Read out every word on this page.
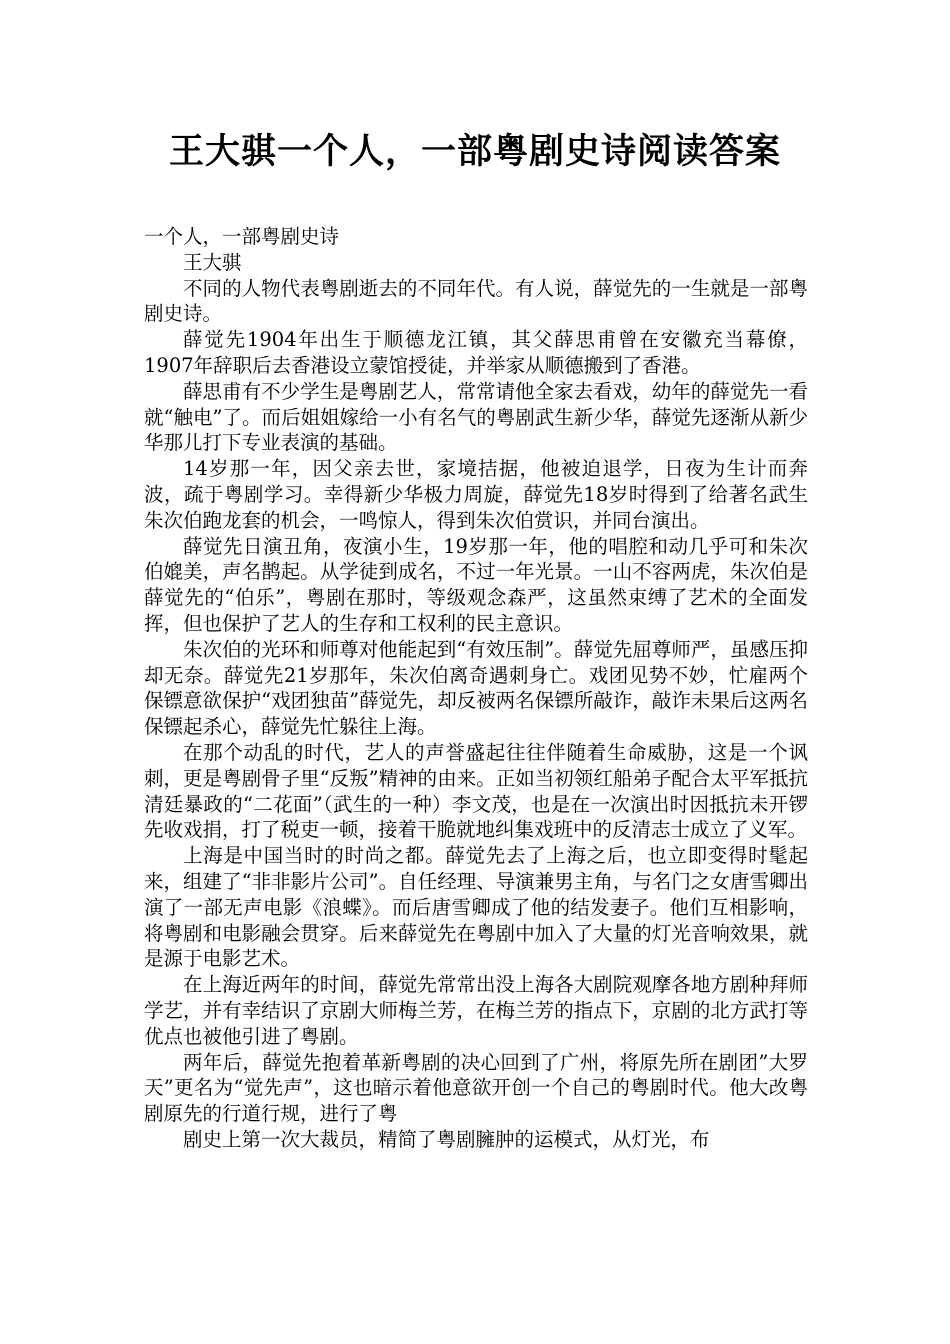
王大骐一个人，一部粤剧史诗阅读答案

一个人，一部粤剧史诗

王大骐

不同的人物代表粤剧逝去的不同年代。有人说，薛觉先的一生就是一部粤剧史诗。

薛觉先1904年出生于顺德龙江镇，其父薛思甫曾在安徽充当幕僚，1907年辞职后去香港设立蒙馆授徒，并举家从顺德搬到了香港。

薛思甫有不少学生是粤剧艺人，常常请他全家去看戏，幼年的薛觉先一看就“触电”了。而后姐姐嫁给一小有名气的粤剧武生新少华，薛觉先逐渐从新少华那儿打下专业表演的基础。

14岁那一年，因父亲去世，家境拮据，他被迫退学，日夜为生计而奔波，疏于粤剧学习。幸得新少华极力周旋，薛觉先18岁时得到了给著名武生朱次伯跑龙套的机会，一鸣惊人，得到朱次伯赏识，并同台演出。

薛觉先日演丑角，夜演小生，19岁那一年，他的唱腔和动几乎可和朱次伯媲美，声名鹊起。从学徒到成名，不过一年光景。一山不容两虎，朱次伯是薛觉先的“伯乐”，粤剧在那时，等级观念森严，这虽然束缚了艺术的全面发挥，但也保护了艺人的生存和工权利的民主意识。

朱次伯的光环和师尊对他能起到“有效压制”。薛觉先屈尊师严，虽感压抑却无奈。薛觉先21岁那年，朱次伯离奇遇刺身亡。戏团见势不妙，忙雇两个保镖意欲保护“戏团独苗”薛觉先，却反被两名保镖所敲诈，敲诈未果后这两名保镖起杀心，薛觉先忙躲往上海。

在那个动乱的时代，艺人的声誉盛起往往伴随着生命威胁，这是一个讽刺，更是粤剧骨子里“反叛”精神的由来。正如当初领红船弟子配合太平军抵抗清廷暴政的“二花面”（武生的一种）李文茂，也是在一次演出时因抵抗未开锣先收戏捐，打了税吏一顿，接着干脆就地纠集戏班中的反清志士成立了义军。

上海是中国当时的时尚之都。薛觉先去了上海之后，也立即变得时髦起来，组建了“非非影片公司”。自任经理、导演兼男主角，与名门之女唐雪卿出演了一部无声电影《浪蝶》。而后唐雪卿成了他的结发妻子。他们互相影响，将粤剧和电影融会贯穿。后来薛觉先在粤剧中加入了大量的灯光音响效果，就是源于电影艺术。

在上海近两年的时间，薛觉先常常出没上海各大剧院观摩各地方剧种拜师学艺，并有幸结识了京剧大师梅兰芳，在梅兰芳的指点下，京剧的北方武打等优点也被他引进了粤剧。

两年后，薛觉先抱着革新粤剧的决心回到了广州，将原先所在剧团”大罗天”更名为“觉先声”，这也暗示着他意欲开创一个自己的粤剧时代。他大改粤剧原先的行道行规，进行了粤

剧史上第一次大裁员，精简了粤剧臃肿的运模式，从灯光，布
